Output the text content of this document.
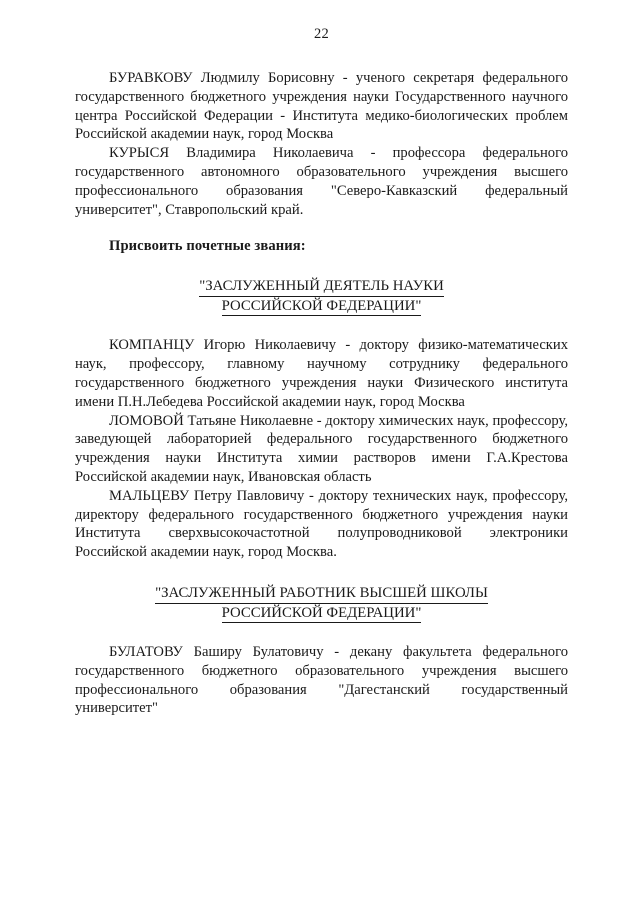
22

БУРАВКОВУ Людмилу Борисовну - ученого секретаря федерального государственного бюджетного учреждения науки Государственного научного центра Российской Федерации - Института медико-биологических проблем Российской академии наук, город Москва

КУРЫСЯ Владимира Николаевича - профессора федерального государственного автономного образовательного учреждения высшего профессионального образования "Северо-Кавказский федеральный университет", Ставропольский край.

Присвоить почетные звания:

"ЗАСЛУЖЕННЫЙ ДЕЯТЕЛЬ НАУКИ
РОССИЙСКОЙ ФЕДЕРАЦИИ"

КОМПАНЦУ Игорю Николаевичу - доктору физико-математических наук, профессору, главному научному сотруднику федерального государственного бюджетного учреждения науки Физического института имени П.Н.Лебедева Российской академии наук, город Москва

ЛОМОВОЙ Татьяне Николаевне - доктору химических наук, профессору, заведующей лабораторией федерального государственного бюджетного учреждения науки Института химии растворов имени Г.А.Крестова Российской академии наук, Ивановская область

МАЛЬЦЕВУ Петру Павловичу - доктору технических наук, профессору, директору федерального государственного бюджетного учреждения науки Института сверхвысокочастотной полупроводниковой электроники Российской академии наук, город Москва.

"ЗАСЛУЖЕННЫЙ РАБОТНИК ВЫСШЕЙ ШКОЛЫ
РОССИЙСКОЙ ФЕДЕРАЦИИ"

БУЛАТОВУ Баширу Булатовичу - декану факультета федерального государственного бюджетного образовательного учреждения высшего профессионального образования "Дагестанский государственный университет"
